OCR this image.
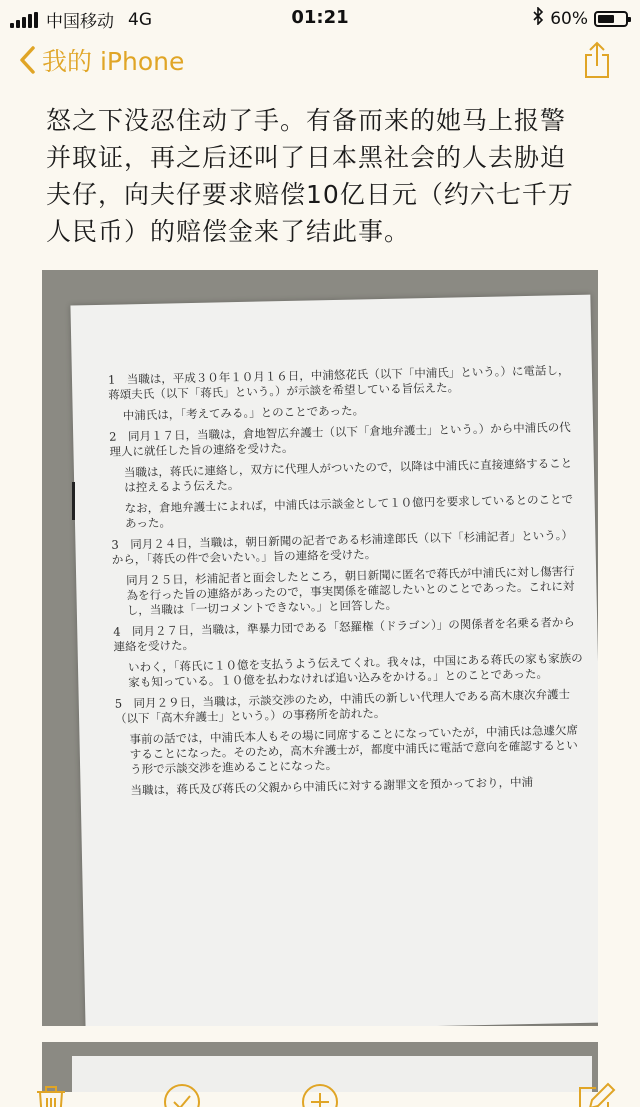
中国移动 4G	01:21	60%
我的 iPhone

怒之下没忍住动了手。有备而来的她马上报警

并取证，再之后还叫了日本黑社会的人去胁迫

夫仔，向夫仔要求赔偿10亿日元（约六七千万

人民币）的赔偿金来了结此事。

1　当職は，平成３０年１０月１６日，中浦悠花氏（以下「中浦氏」という。）に電話し，蒋頌夫氏（以下「蒋氏」という。）が示談を希望している旨伝えた。

中浦氏は，「考えてみる。」とのことであった。

2　同月１７日，当職は，倉地智広弁護士（以下「倉地弁護士」という。）から中浦氏の代理人に就任した旨の連絡を受けた。

当職は，蒋氏に連絡し，双方に代理人がついたので，以降は中浦氏に直接連絡することは控えるよう伝えた。

なお，倉地弁護士によれば，中浦氏は示談金として１０億円を要求しているとのことであった。

3　同月２４日，当職は，朝日新聞の記者である杉浦達郎氏（以下「杉浦記者」という。）から，「蒋氏の件で会いたい。」旨の連絡を受けた。

同月２５日，杉浦記者と面会したところ，朝日新聞に匿名で蒋氏が中浦氏に対し傷害行為を行った旨の連絡があったので，事実関係を確認したいとのことであった。これに対し，当職は「一切コメントできない。」と回答した。

4　同月２７日，当職は，準暴力団である「怒羅権（ドラゴン）」の関係者を名乗る者から連絡を受けた。

いわく，「蒋氏に１０億を支払うよう伝えてくれ。我々は，中国にある蒋氏の家も家族の家も知っている。１０億を払わなければ追い込みをかける。」とのことであった。

5　同月２９日，当職は，示談交渉のため，中浦氏の新しい代理人である高木康次弁護士（以下「高木弁護士」という。）の事務所を訪れた。

事前の話では，中浦氏本人もその場に同席することになっていたが，中浦氏は急遽欠席することになった。そのため，高木弁護士が，都度中浦氏に電話で意向を確認するという形で示談交渉を進めることになった。

当職は，蒋氏及び蒋氏の父親から中浦氏に対する謝罪文を預かっており，中浦
